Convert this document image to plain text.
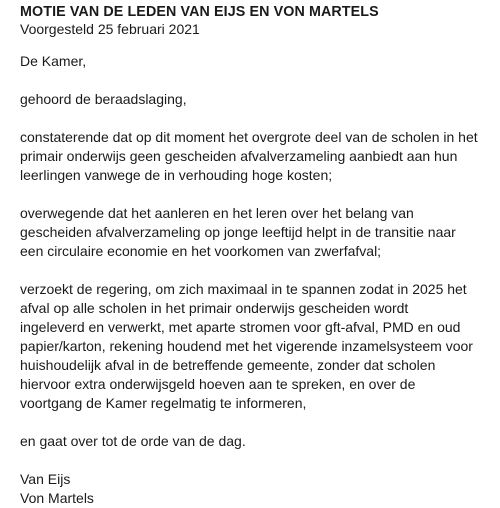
MOTIE VAN DE LEDEN VAN EIJS EN VON MARTELS

Voorgesteld 25 februari 2021

De Kamer,

gehoord de beraadslaging,

constaterende dat op dit moment het overgrote deel van de scholen in het
primair onderwijs geen gescheiden afvalverzameling aanbiedt aan hun
leerlingen vanwege de in verhouding hoge kosten;

overwegende dat het aanleren en het leren over het belang van
gescheiden afvalverzameling op jonge leeftijd helpt in de transitie naar
een circulaire economie en het voorkomen van zwerfafval;

verzoekt de regering, om zich maximaal in te spannen zodat in 2025 het
afval op alle scholen in het primair onderwijs gescheiden wordt
ingeleverd en verwerkt, met aparte stromen voor gft-afval, PMD en oud
papier/karton, rekening houdend met het vigerende inzamelsysteem voor
huishoudelijk afval in de betreffende gemeente, zonder dat scholen
hiervoor extra onderwijsgeld hoeven aan te spreken, en over de
voortgang de Kamer regelmatig te informeren,

en gaat over tot de orde van de dag.

Van Eijs
Von Martels
